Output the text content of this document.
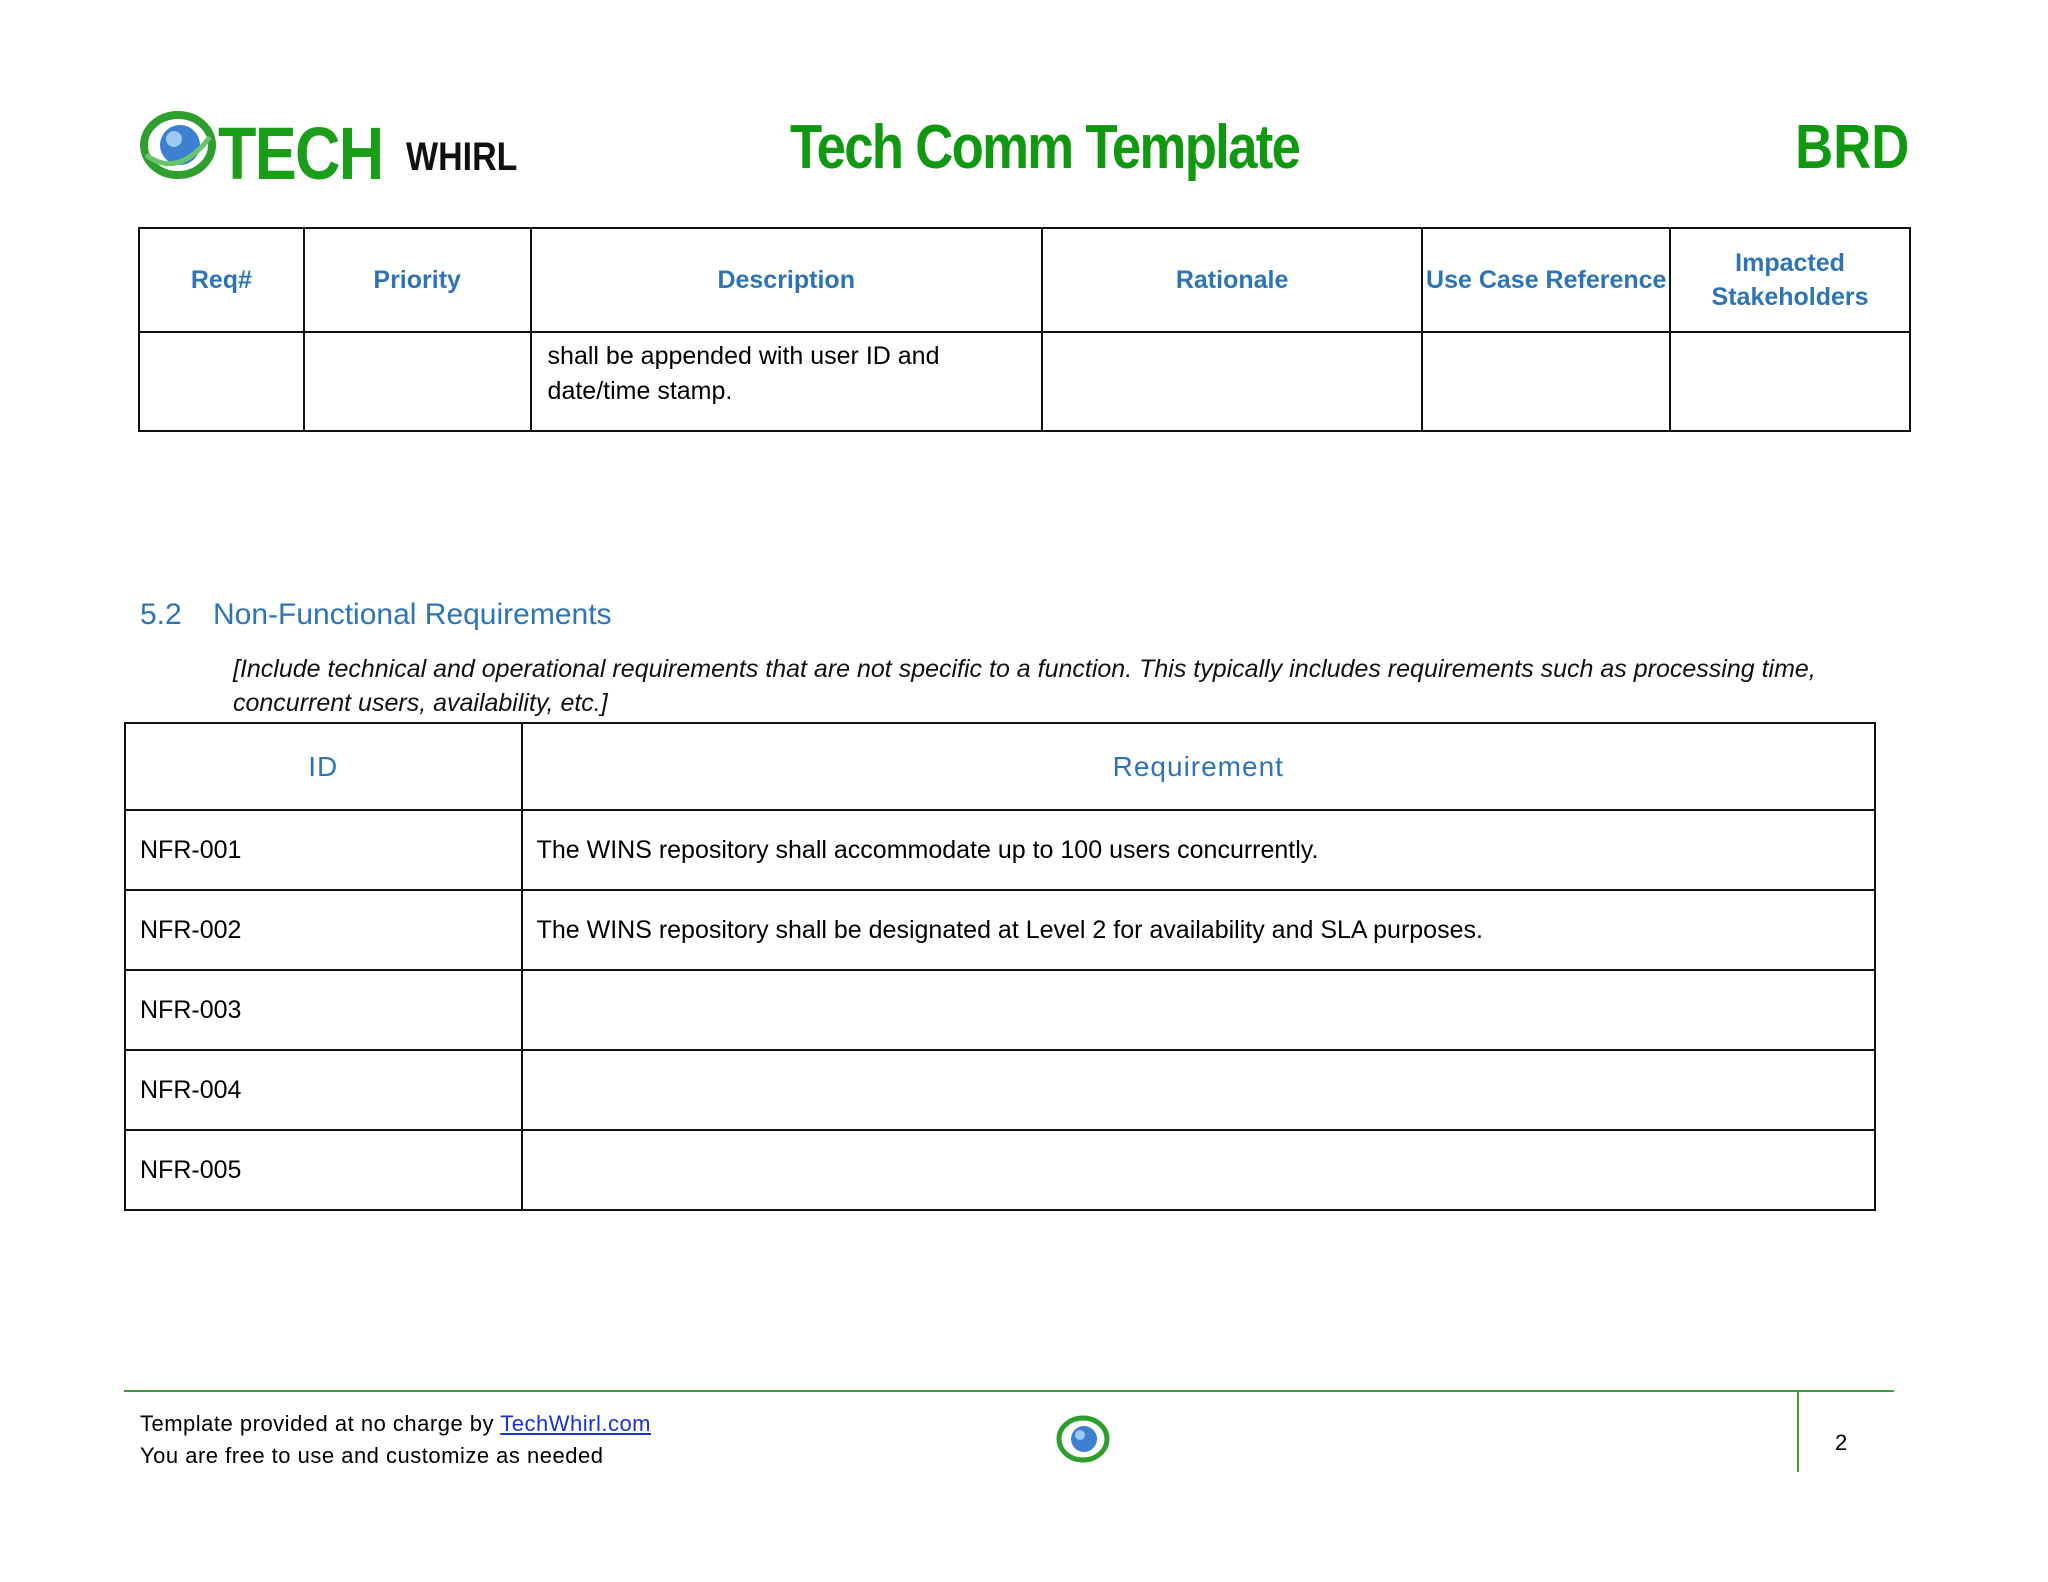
TECH WHIRL	Tech Comm Template	BRD
Req#	Priority	Description	Rationale	Use Case Reference	Impacted Stakeholders
		shall be appended with user ID and date/time stamp.			
5.2 Non-Functional Requirements
[Include technical and operational requirements that are not specific to a function. This typically includes requirements such as processing time, concurrent users, availability, etc.]
ID	Requirement
NFR-001	The WINS repository shall accommodate up to 100 users concurrently.
NFR-002	The WINS repository shall be designated at Level 2 for availability and SLA purposes.
NFR-003	
NFR-004	
NFR-005	
Template provided at no charge by TechWhirl.com
You are free to use and customize as needed
2
